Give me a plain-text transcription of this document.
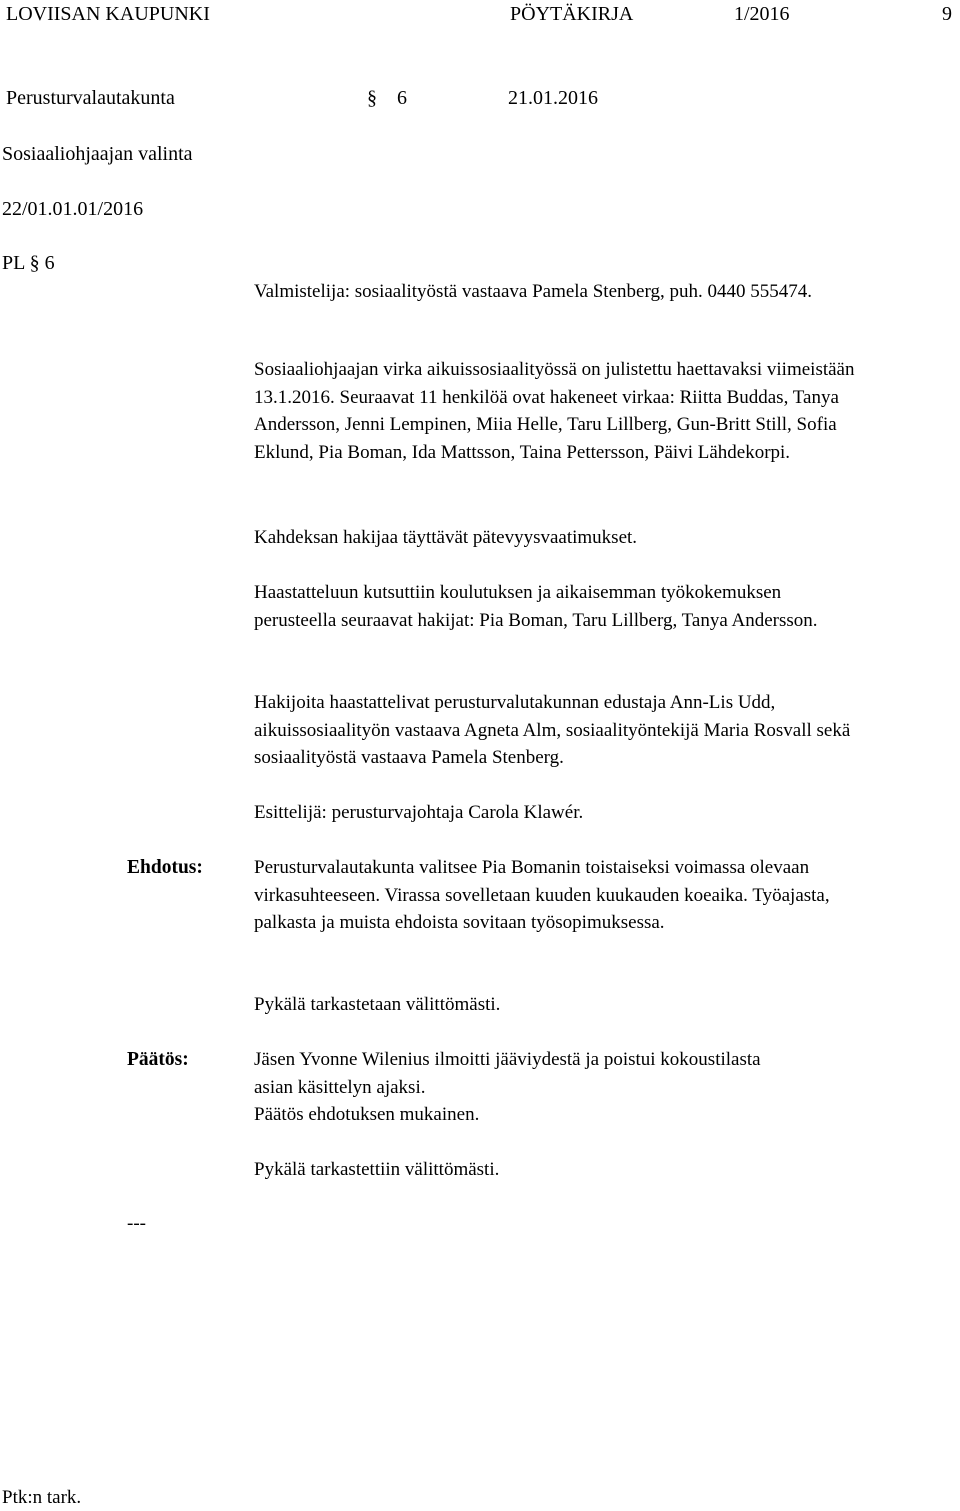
LOVIISAN KAUPUNKI	PÖYTÄKIRJA	1/2016	9
Perusturvalautakunta	§ 6	21.01.2016
Sosiaaliohjaajan valinta
22/01.01.01/2016
PL § 6
Valmistelija: sosiaalityöstä vastaava Pamela Stenberg, puh. 0440 555474.
Sosiaaliohjaajan virka aikuissosiaalityössä on julistettu haettavaksi viimeistään 13.1.2016. Seuraavat 11 henkilöä ovat hakeneet virkaa: Riitta Buddas, Tanya Andersson, Jenni Lempinen, Miia Helle, Taru Lillberg, Gun-Britt Still, Sofia Eklund, Pia Boman, Ida Mattsson, Taina Pettersson, Päivi Lähdekorpi.
Kahdeksan hakijaa täyttävät pätevyysvaatimukset.
Haastatteluun kutsuttiin koulutuksen ja aikaisemman työkokemuksen perusteella seuraavat hakijat: Pia Boman, Taru Lillberg, Tanya Andersson.
Hakijoita haastattelivat perusturvalutakunnan edustaja Ann-Lis Udd, aikuissosiaalityön vastaava Agneta Alm, sosiaalityöntekijä Maria Rosvall sekä sosiaalityöstä vastaava Pamela Stenberg.
Esittelijä: perusturvajohtaja Carola Klawér.
Ehdotus:	Perusturvalautakunta valitsee Pia Bomanin toistaiseksi voimassa olevaan virkasuhteeseen. Virassa sovelletaan kuuden kuukauden koeaika. Työajasta, palkasta ja muista ehdoista sovitaan työsopimuksessa.
Pykälä tarkastetaan välittömästi.
Päätös:	Jäsen Yvonne Wilenius ilmoitti jääviydestä ja poistui kokoustilasta asian käsittelyn ajaksi.
Päätös ehdotuksen mukainen.
Pykälä tarkastettiin välittömästi.
---
Ptk:n tark.
